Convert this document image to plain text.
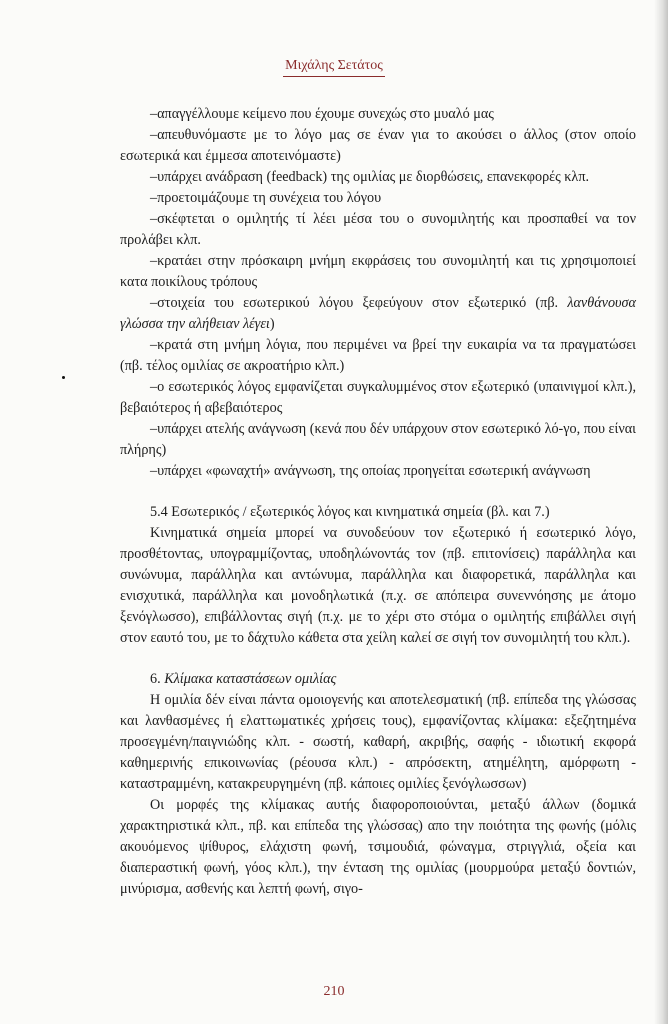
Μιχάλης Σετάτος

–απαγγέλλουμε κείμενο που έχουμε συνεχώς στο μυαλό μας

–απευθυνόμαστε με το λόγο μας σε έναν για το ακούσει ο άλλος (στον οποίο εσωτερικά και έμμεσα αποτεινόμαστε)

–υπάρχει ανάδραση (feedback) της ομιλίας με διορθώσεις, επανεκφορές κλπ.

–προετοιμάζουμε τη συνέχεια του λόγου

–σκέφτεται ο ομιλητής τί λέει μέσα του ο συνομιλητής και προσπαθεί να τον προλάβει κλπ.

–κρατάει στην πρόσκαιρη μνήμη εκφράσεις του συνομιλητή και τις χρησιμοποιεί κατα ποικίλους τρόπους

–στοιχεία του εσωτερικού λόγου ξεφεύγουν στον εξωτερικό (πβ. λανθάνουσα γλώσσα την αλήθειαν λέγει)

–κρατά στη μνήμη λόγια, που περιμένει να βρεί την ευκαιρία να τα πραγματώσει (πβ. τέλος ομιλίας σε ακροατήριο κλπ.)

–ο εσωτερικός λόγος εμφανίζεται συγκαλυμμένος στον εξωτερικό (υπαινιγμοί κλπ.), βεβαιότερος ή αβεβαιότερος

–υπάρχει ατελής ανάγνωση (κενά που δέν υπάρχουν στον εσωτερικό λό-γο, που είναι πλήρης)

–υπάρχει «φωναχτή» ανάγνωση, της οποίας προηγείται εσωτερική ανάγνωση

5.4 Εσωτερικός / εξωτερικός λόγος και κινηματικά σημεία (βλ. και 7.)

Κινηματικά σημεία μπορεί να συνοδεύουν τον εξωτερικό ή εσωτερικό λόγο, προσθέτοντας, υπογραμμίζοντας, υποδηλώνοντάς τον (πβ. επιτονίσεις) παράλληλα και συνώνυμα, παράλληλα και αντώνυμα, παράλληλα και διαφορετικά, παράλληλα και ενισχυτικά, παράλληλα και μονοδηλωτικά (π.χ. σε απόπειρα συνεννόησης με άτομο ξενόγλωσσο), επιβάλλοντας σιγή (π.χ. με το χέρι στο στόμα ο ομιλητής επιβάλλει σιγή στον εαυτό του, με το δάχτυλο κάθετα στα χείλη καλεί σε σιγή τον συνομιλητή του κλπ.).

6. Κλίμακα καταστάσεων ομιλίας

Η ομιλία δέν είναι πάντα ομοιογενής και αποτελεσματική (πβ. επίπεδα της γλώσσας και λανθασμένες ή ελαττωματικές χρήσεις τους), εμφανίζοντας κλίμακα: εξεζητημένα προσεγμένη/παιγνιώδης κλπ. - σωστή, καθαρή, ακριβής, σαφής - ιδιωτική εκφορά καθημερινής επικοινωνίας (ρέουσα κλπ.) - απρόσεκτη, ατημέλητη, αμόρφωτη - καταστραμμένη, κατακρευργημένη (πβ. κάποιες ομιλίες ξενόγλωσσων)

Οι μορφές της κλίμακας αυτής διαφοροποιούνται, μεταξύ άλλων (δομικά χαρακτηριστικά κλπ., πβ. και επίπεδα της γλώσσας) απο την ποιότητα της φωνής (μόλις ακουόμενος ψίθυρος, ελάχιστη φωνή, τσιμουδιά, φώναγμα, στριγγλιά, οξεία και διαπεραστική φωνή, γόος κλπ.), την ένταση της ομιλίας (μουρμούρα μεταξύ δοντιών, μινύρισμα, ασθενής και λεπτή φωνή, σιγο-

210
